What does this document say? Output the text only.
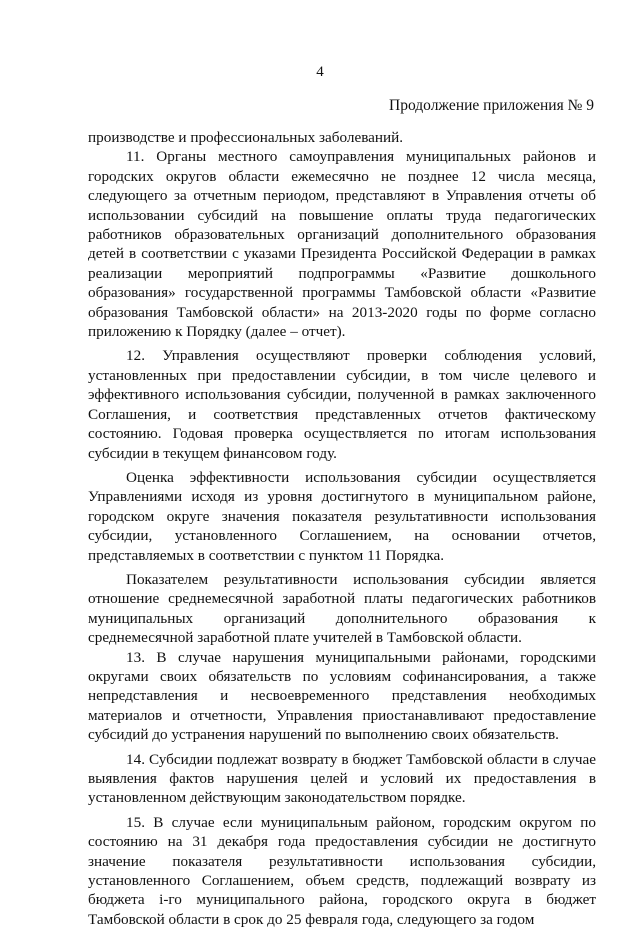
4
Продолжение приложения № 9

производстве и профессиональных заболеваний.

11. Органы местного самоуправления муниципальных районов и городских округов области ежемесячно не позднее 12 числа месяца, следующего за отчетным периодом, представляют в Управления отчеты об использовании субсидий на повышение оплаты труда педагогических работников образовательных организаций дополнительного образования детей в соответствии с указами Президента Российской Федерации в рамках реализации мероприятий подпрограммы «Развитие дошкольного образования» государственной программы Тамбовской области «Развитие образования Тамбовской области» на 2013-2020 годы по форме согласно приложению к Порядку (далее – отчет).

12. Управления осуществляют проверки соблюдения условий, установленных при предоставлении субсидии, в том числе целевого и эффективного использования субсидии, полученной в рамках заключенного Соглашения, и соответствия представленных отчетов фактическому состоянию. Годовая проверка осуществляется по итогам использования субсидии в текущем финансовом году.

Оценка эффективности использования субсидии осуществляется Управлениями исходя из уровня достигнутого в муниципальном районе, городском округе значения показателя результативности использования субсидии, установленного Соглашением, на основании отчетов, представляемых в соответствии с пунктом 11 Порядка.

Показателем результативности использования субсидии является отношение среднемесячной заработной платы педагогических работников муниципальных организаций дополнительного образования к среднемесячной заработной плате учителей в Тамбовской области.

13. В случае нарушения муниципальными районами, городскими округами своих обязательств по условиям софинансирования, а также непредставления и несвоевременного представления необходимых материалов и отчетности, Управления приостанавливают предоставление субсидий до устранения нарушений по выполнению своих обязательств.

14. Субсидии подлежат возврату в бюджет Тамбовской области в случае выявления фактов нарушения целей и условий их предоставления в установленном действующим законодательством порядке.

15. В случае если муниципальным районом, городским округом по состоянию на 31 декабря года предоставления субсидии не достигнуто значение показателя результативности использования субсидии, установленного Соглашением, объем средств, подлежащий возврату из бюджета i-го муниципального района, городского округа в бюджет Тамбовской области в срок до 25 февраля года, следующего за годом
